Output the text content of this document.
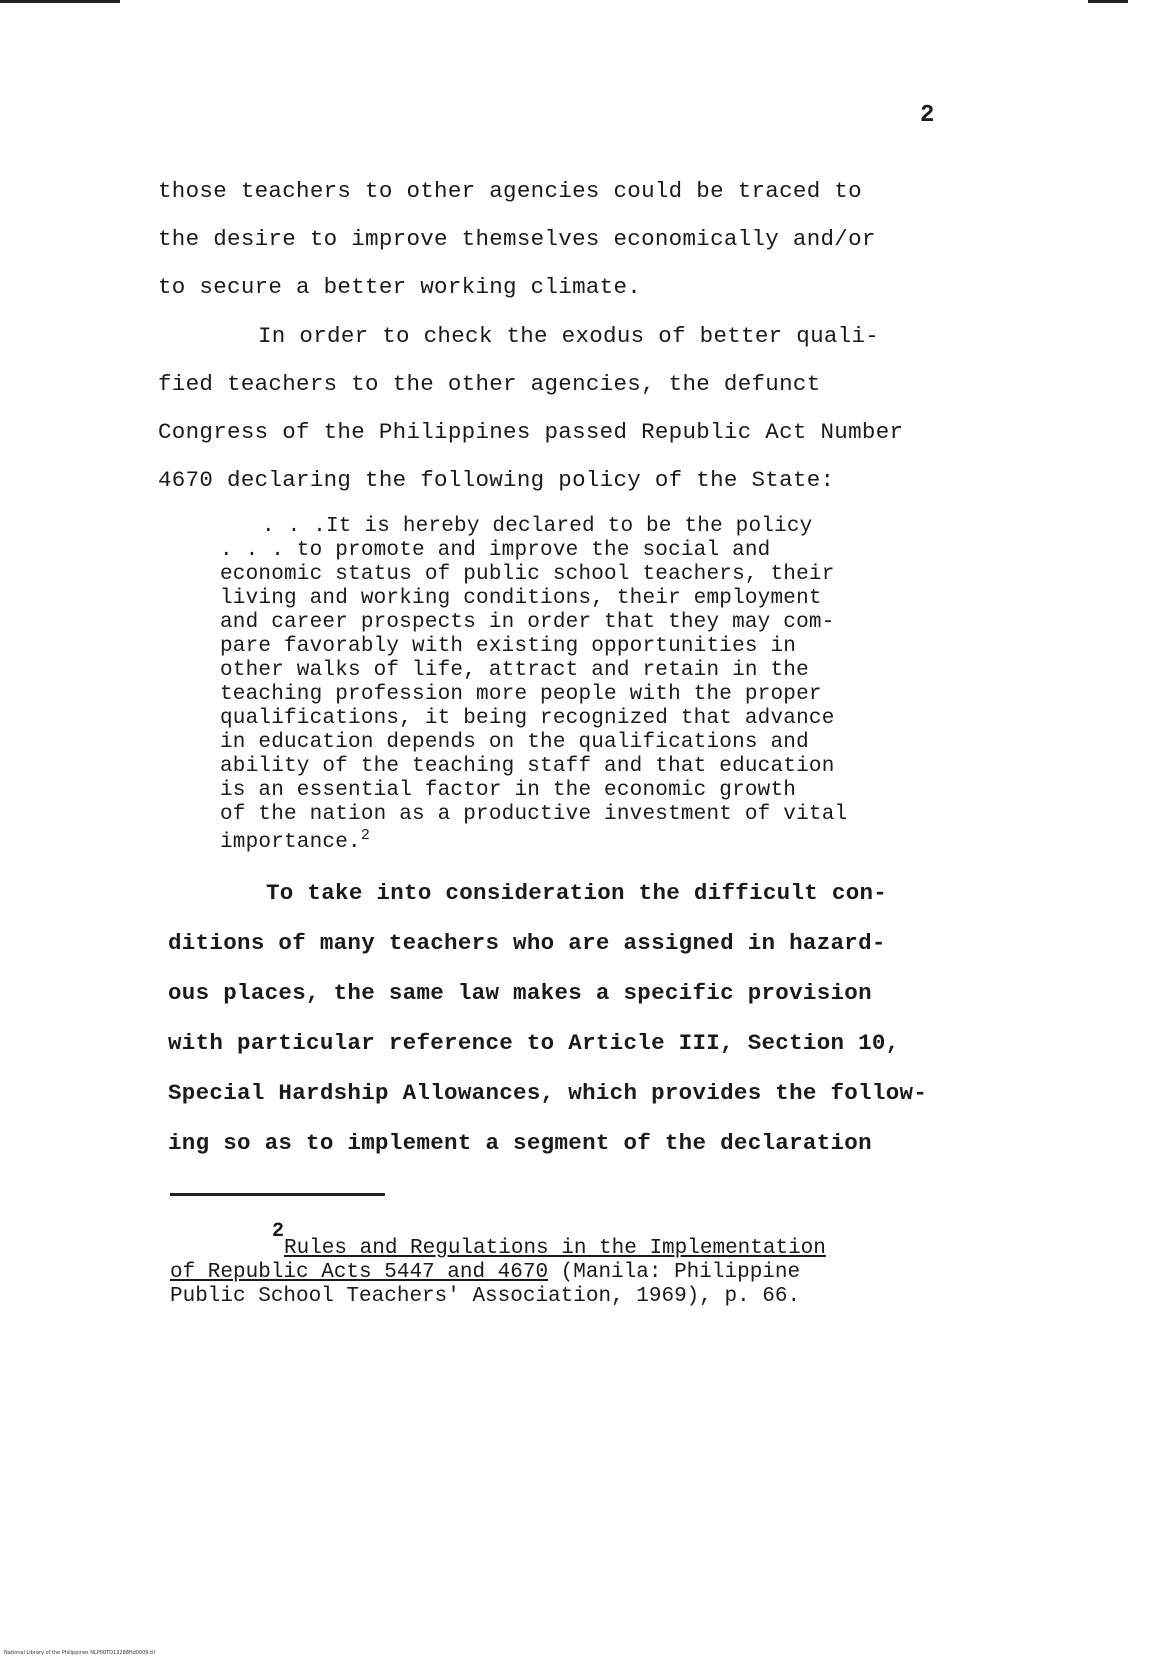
2
those teachers to other agencies could be traced to
the desire to improve themselves economically and/or
to secure a better working climate.
In order to check the exodus of better quali-
fied teachers to the other agencies, the defunct
Congress of the Philippines passed Republic Act Number
4670 declaring the following policy of the State:
. . .It is hereby declared to be the policy
. . . to promote and improve the social and
economic status of public school teachers, their
living and working conditions, their employment
and career prospects in order that they may com-
pare favorably with existing opportunities in
other walks of life, attract and retain in the
teaching profession more people with the proper
qualifications, it being recognized that advance
in education depends on the qualifications and
ability of the teaching staff and that education
is an essential factor in the economic growth
of the nation as a productive investment of vital
importance.$^2$
To take into consideration the difficult con-
ditions of many teachers who are assigned in hazard-
ous places, the same law makes a specific provision
with particular reference to Article III, Section 10,
Special Hardship Allowances, which provides the follow-
ing so as to implement a segment of the declaration
2
Rules and Regulations in the Implementation
of Republic Acts 5447 and 4670 (Manila: Philippine
Public School Teachers' Association, 1969), p. 66.
National Library of the Philippines NLP00TD13288ftd0009.tif
